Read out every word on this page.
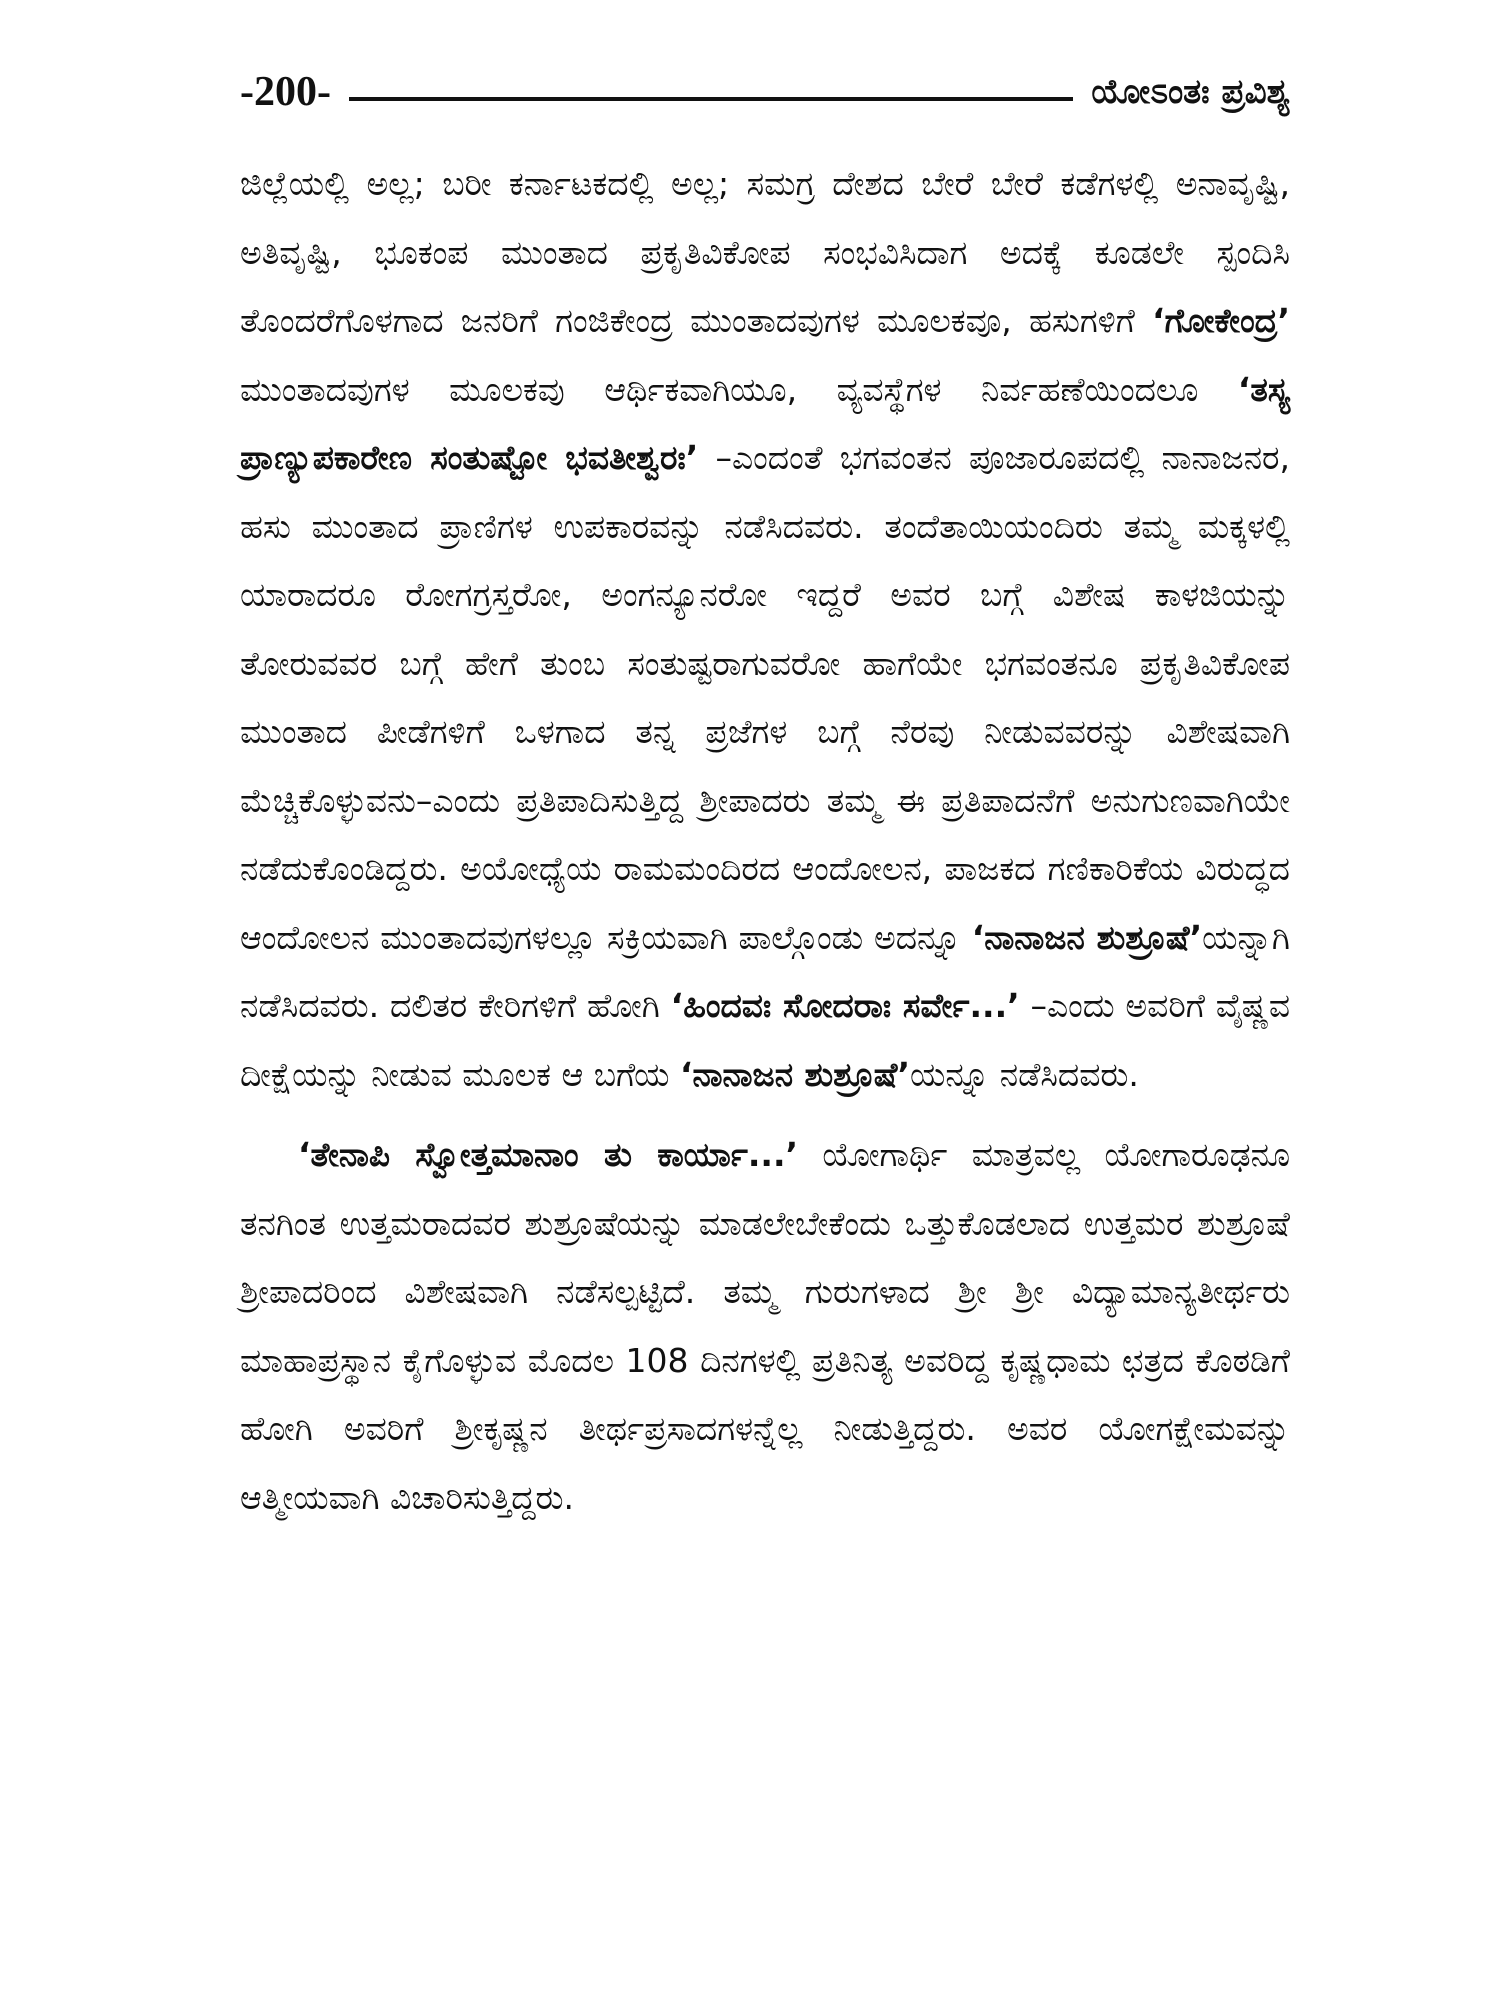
-200-	ಯೋಽಂತಃ ಪ್ರವಿಶ್ಯ

ಜಿಲ್ಲೆಯಲ್ಲಿ ಅಲ್ಲ; ಬರೀ ಕರ್ನಾಟಕದಲ್ಲಿ ಅಲ್ಲ; ಸಮಗ್ರ ದೇಶದ ಬೇರೆ ಬೇರೆ ಕಡೆಗಳಲ್ಲಿ ಅನಾವೃಷ್ಟಿ, ಅತಿವೃಷ್ಟಿ, ಭೂಕಂಪ ಮುಂತಾದ ಪ್ರಕೃತಿವಿಕೋಪ ಸಂಭವಿಸಿದಾಗ ಅದಕ್ಕೆ ಕೂಡಲೇ ಸ್ಪಂದಿಸಿ ತೊಂದರೆಗೊಳಗಾದ ಜನರಿಗೆ ಗಂಜಿಕೇಂದ್ರ ಮುಂತಾದವುಗಳ ಮೂಲಕವೂ, ಹಸುಗಳಿಗೆ ‘ಗೋಕೇಂದ್ರ’ ಮುಂತಾದವುಗಳ ಮೂಲಕವು ಆರ್ಥಿಕವಾಗಿಯೂ, ವ್ಯವಸ್ಥೆಗಳ ನಿರ್ವಹಣೆಯಿಂದಲೂ ‘ತಸ್ಯ ಪ್ರಾಣ್ಯುಪಕಾರೇಣ ಸಂತುಷ್ಟೋ ಭವತೀಶ್ವರಃ’ –ಎಂದಂತೆ ಭಗವಂತನ ಪೂಜಾರೂಪದಲ್ಲಿ ನಾನಾಜನರ, ಹಸು ಮುಂತಾದ ಪ್ರಾಣಿಗಳ ಉಪಕಾರವನ್ನು ನಡೆಸಿದವರು. ತಂದೆತಾಯಿಯಂದಿರು ತಮ್ಮ ಮಕ್ಕಳಲ್ಲಿ ಯಾರಾದರೂ ರೋಗಗ್ರಸ್ತರೋ, ಅಂಗನ್ಯೂನರೋ ಇದ್ದರೆ ಅವರ ಬಗ್ಗೆ ವಿಶೇಷ ಕಾಳಜಿಯನ್ನು ತೋರುವವರ ಬಗ್ಗೆ ಹೇಗೆ ತುಂಬ ಸಂತುಷ್ಟರಾಗುವರೋ ಹಾಗೆಯೇ ಭಗವಂತನೂ ಪ್ರಕೃತಿವಿಕೋಪ ಮುಂತಾದ ಪೀಡೆಗಳಿಗೆ ಒಳಗಾದ ತನ್ನ ಪ್ರಜೆಗಳ ಬಗ್ಗೆ ನೆರವು ನೀಡುವವರನ್ನು ವಿಶೇಷವಾಗಿ ಮೆಚ್ಚಿಕೊಳ್ಳುವನು–ಎಂದು ಪ್ರತಿಪಾದಿಸುತ್ತಿದ್ದ ಶ್ರೀಪಾದರು ತಮ್ಮ ಈ ಪ್ರತಿಪಾದನೆಗೆ ಅನುಗುಣವಾಗಿಯೇ ನಡೆದುಕೊಂಡಿದ್ದರು. ಅಯೋಧ್ಯೆಯ ರಾಮಮಂದಿರದ ಆಂದೋಲನ, ಪಾಜಕದ ಗಣಿಕಾರಿಕೆಯ ವಿರುದ್ಧದ ಆಂದೋಲನ ಮುಂತಾದವುಗಳಲ್ಲೂ ಸಕ್ರಿಯವಾಗಿ ಪಾಲ್ಗೊಂಡು ಅದನ್ನೂ ‘ನಾನಾಜನ ಶುಶ್ರೂಷೆ’ಯನ್ನಾಗಿ ನಡೆಸಿದವರು. ದಲಿತರ ಕೇರಿಗಳಿಗೆ ಹೋಗಿ ‘ಹಿಂದವಃ ಸೋದರಾಃ ಸರ್ವೇ...’ –ಎಂದು ಅವರಿಗೆ ವೈಷ್ಣವ ದೀಕ್ಷೆಯನ್ನು ನೀಡುವ ಮೂಲಕ ಆ ಬಗೆಯ ‘ನಾನಾಜನ ಶುಶ್ರೂಷೆ’ಯನ್ನೂ ನಡೆಸಿದವರು.

‘ತೇನಾಪಿ ಸ್ವೋತ್ತಮಾನಾಂ ತು ಕಾರ್ಯಾ...’ ಯೋಗಾರ್ಥಿ ಮಾತ್ರವಲ್ಲ ಯೋಗಾರೂಢನೂ ತನಗಿಂತ ಉತ್ತಮರಾದವರ ಶುಶ್ರೂಷೆಯನ್ನು ಮಾಡಲೇಬೇಕೆಂದು ಒತ್ತುಕೊಡಲಾದ ಉತ್ತಮರ ಶುಶ್ರೂಷೆ ಶ್ರೀಪಾದರಿಂದ ವಿಶೇಷವಾಗಿ ನಡೆಸಲ್ಪಟ್ಟಿದೆ. ತಮ್ಮ ಗುರುಗಳಾದ ಶ್ರೀ ಶ್ರೀ ವಿದ್ಯಾಮಾನ್ಯತೀರ್ಥರು ಮಾಹಾಪ್ರಸ್ಥಾನ ಕೈಗೊಳ್ಳುವ ಮೊದಲ 108 ದಿನಗಳಲ್ಲಿ ಪ್ರತಿನಿತ್ಯ ಅವರಿದ್ದ ಕೃಷ್ಣಧಾಮ ಛತ್ರದ ಕೊಠಡಿಗೆ ಹೋಗಿ ಅವರಿಗೆ ಶ್ರೀಕೃಷ್ಣನ ತೀರ್ಥಪ್ರಸಾದಗಳನ್ನೆಲ್ಲ ನೀಡುತ್ತಿದ್ದರು. ಅವರ ಯೋಗಕ್ಷೇಮವನ್ನು ಆತ್ಮೀಯವಾಗಿ ವಿಚಾರಿಸುತ್ತಿದ್ದರು.
